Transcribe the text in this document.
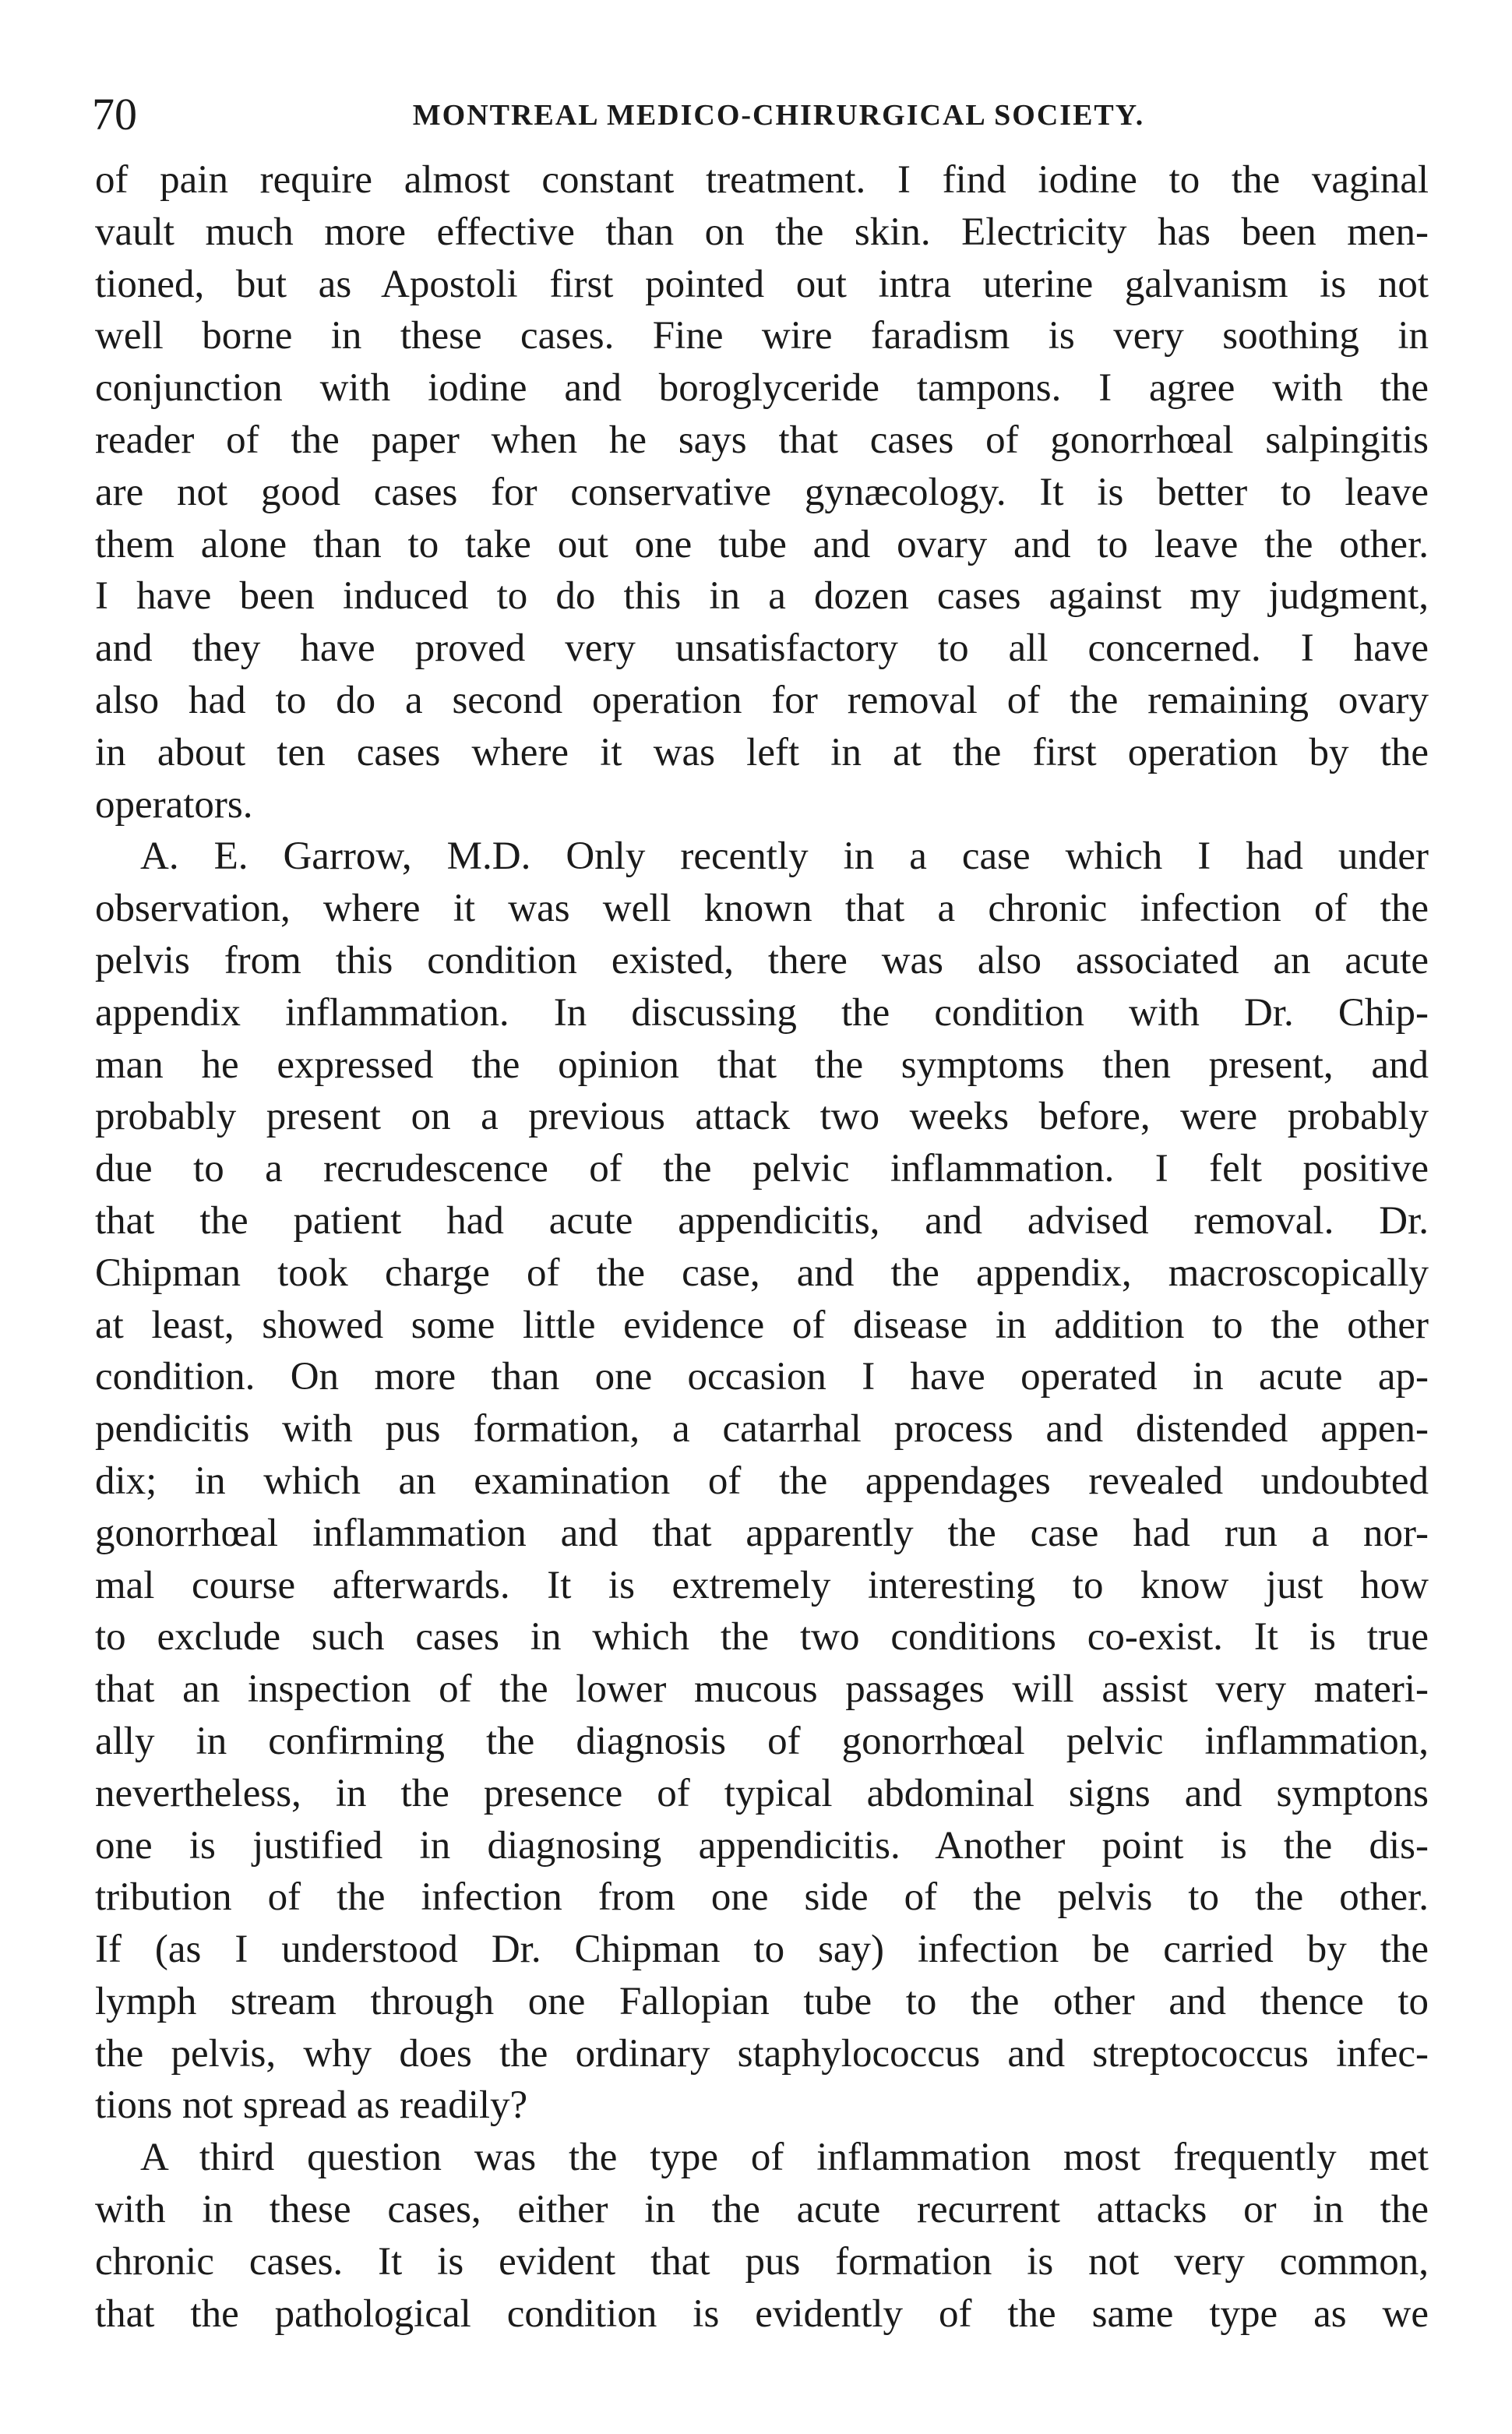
70	MONTREAL MEDICO-CHIRURGICAL SOCIETY.
of pain require almost constant treatment. I find iodine to the vaginal
vault much more effective than on the skin. Electricity has been men-
tioned, but as Apostoli first pointed out intra uterine galvanism is not
well borne in these cases. Fine wire faradism is very soothing in
conjunction with iodine and boroglyceride tampons. I agree with the
reader of the paper when he says that cases of gonorrhœal salpingitis
are not good cases for conservative gynæcology. It is better to leave
them alone than to take out one tube and ovary and to leave the other.
I have been induced to do this in a dozen cases against my judgment,
and they have proved very unsatisfactory to all concerned. I have
also had to do a second operation for removal of the remaining ovary
in about ten cases where it was left in at the first operation by the
operators.
A. E. Garrow, M.D. Only recently in a case which I had under
observation, where it was well known that a chronic infection of the
pelvis from this condition existed, there was also associated an acute
appendix inflammation. In discussing the condition with Dr. Chip-
man he expressed the opinion that the symptoms then present, and
probably present on a previous attack two weeks before, were probably
due to a recrudescence of the pelvic inflammation. I felt positive
that the patient had acute appendicitis, and advised removal. Dr.
Chipman took charge of the case, and the appendix, macroscopically
at least, showed some little evidence of disease in addition to the other
condition. On more than one occasion I have operated in acute ap-
pendicitis with pus formation, a catarrhal process and distended appen-
dix; in which an examination of the appendages revealed undoubted
gonorrhœal inflammation and that apparently the case had run a nor-
mal course afterwards. It is extremely interesting to know just how
to exclude such cases in which the two conditions co-exist. It is true
that an inspection of the lower mucous passages will assist very materi-
ally in confirming the diagnosis of gonorrhœal pelvic inflammation,
nevertheless, in the presence of typical abdominal signs and symptons
one is justified in diagnosing appendicitis. Another point is the dis-
tribution of the infection from one side of the pelvis to the other.
If (as I understood Dr. Chipman to say) infection be carried by the
lymph stream through one Fallopian tube to the other and thence to
the pelvis, why does the ordinary staphylococcus and streptococcus infec-
tions not spread as readily?
A third question was the type of inflammation most frequently met
with in these cases, either in the acute recurrent attacks or in the
chronic cases. It is evident that pus formation is not very common,
that the pathological condition is evidently of the same type as we
